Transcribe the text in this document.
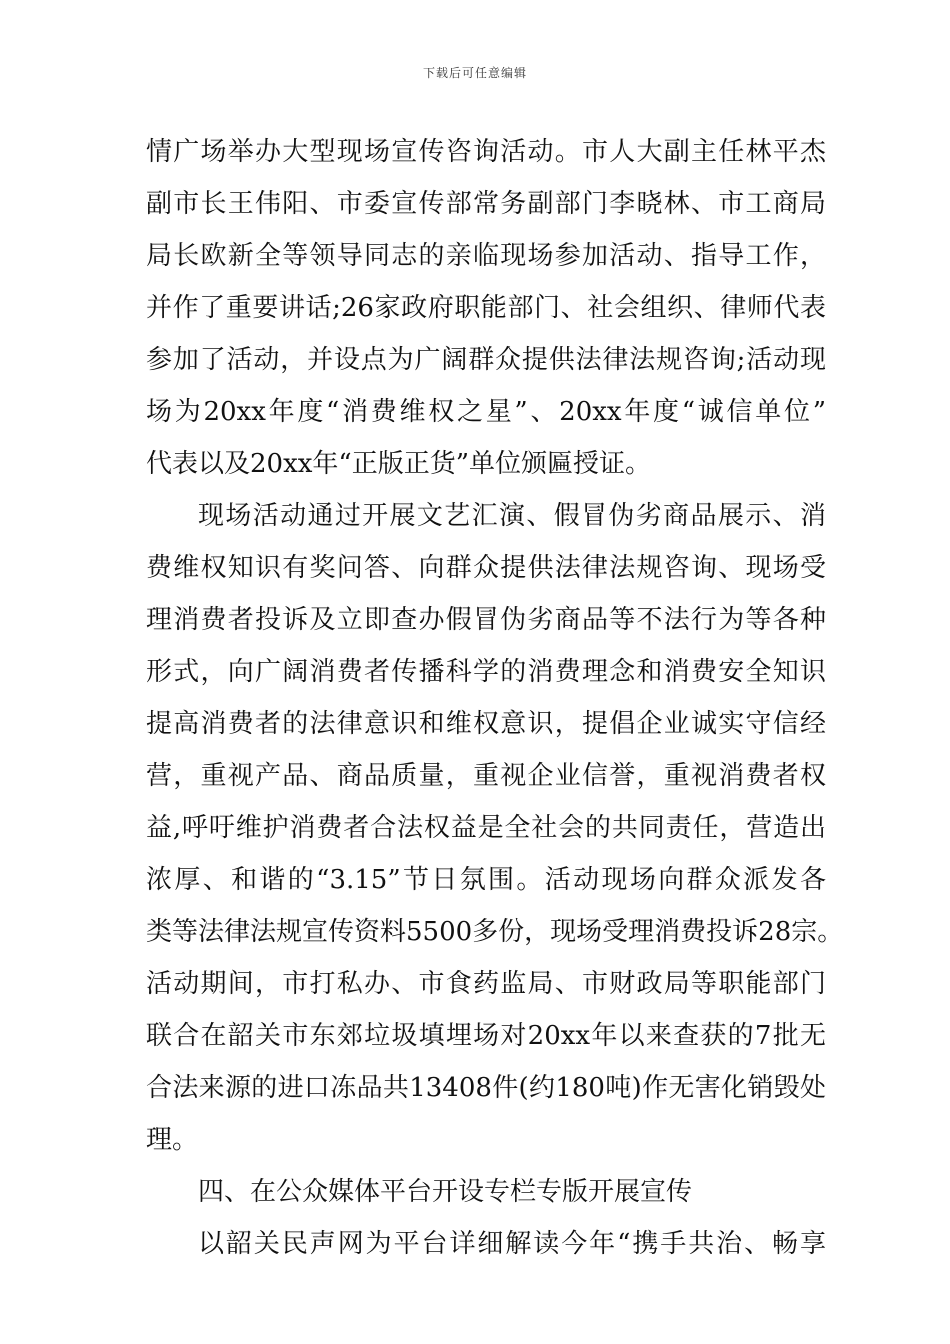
下载后可任意编辑
情广场举办大型现场宣传咨询活动。市人大副主任林平杰
副市长王伟阳、市委宣传部常务副部门李晓林、市工商局
局长欧新全等领导同志的亲临现场参加活动、指导工作，
并作了重要讲话;26家政府职能部门、社会组织、律师代表
参加了活动，并设点为广阔群众提供法律法规咨询;活动现
场为20xx年度“消费维权之星”、20xx年度“诚信单位”
代表以及20xx年“正版正货”单位颁匾授证。
现场活动通过开展文艺汇演、假冒伪劣商品展示、消
费维权知识有奖问答、向群众提供法律法规咨询、现场受
理消费者投诉及立即查办假冒伪劣商品等不法行为等各种
形式，向广阔消费者传播科学的消费理念和消费安全知识
提高消费者的法律意识和维权意识，提倡企业诚实守信经
营，重视产品、商品质量，重视企业信誉，重视消费者权
益,呼吁维护消费者合法权益是全社会的共同责任，营造出
浓厚、和谐的“3.15”节日氛围。活动现场向群众派发各
类等法律法规宣传资料5500多份，现场受理消费投诉28宗。
活动期间，市打私办、市食药监局、市财政局等职能部门
联合在韶关市东郊垃圾填埋场对20xx年以来查获的7批无
合法来源的进口冻品共13408件(约180吨)作无害化销毁处
理。
四、在公众媒体平台开设专栏专版开展宣传
以韶关民声网为平台详细解读今年“携手共治、畅享
